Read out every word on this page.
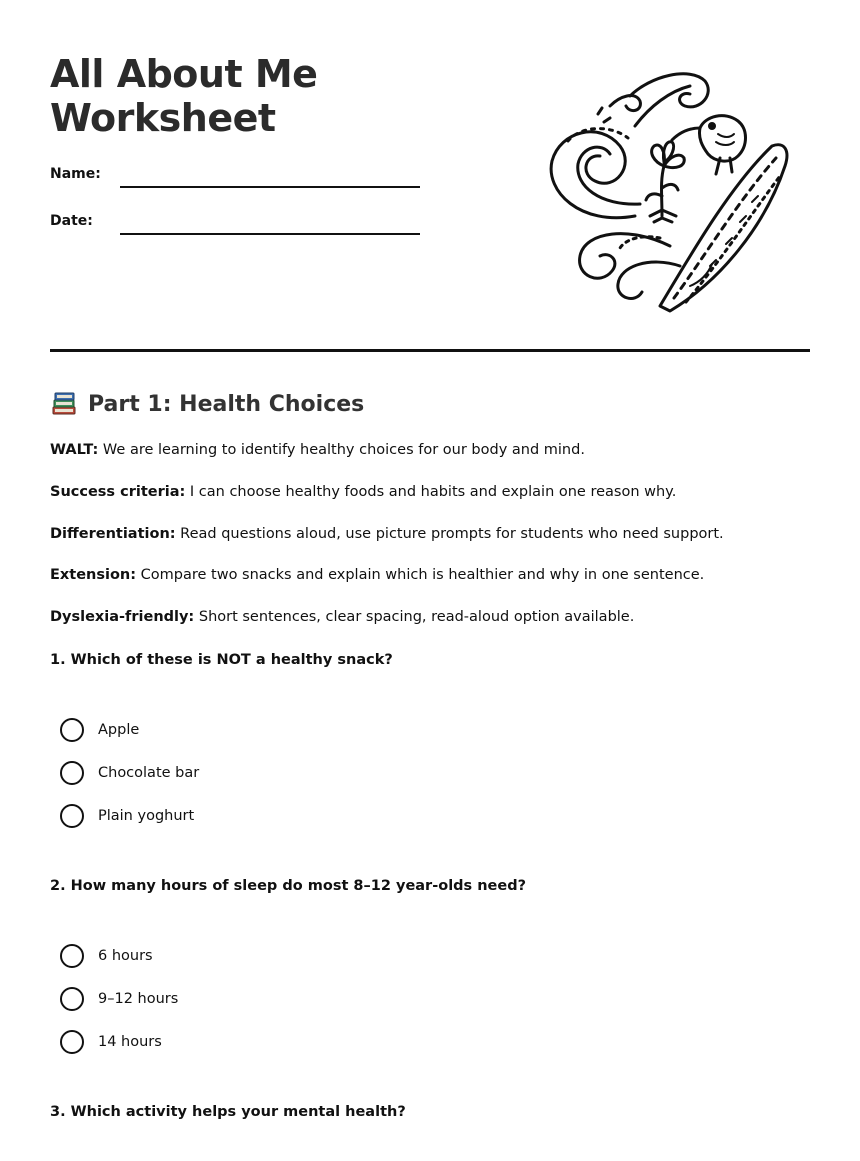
All About Me
Worksheet
Name:
Date:
Part 1: Health Choices
WALT: We are learning to identify healthy choices for our body and mind.
Success criteria: I can choose healthy foods and habits and explain one reason why.
Differentiation: Read questions aloud, use picture prompts for students who need support.
Extension: Compare two snacks and explain which is healthier and why in one sentence.
Dyslexia-friendly: Short sentences, clear spacing, read-aloud option available.
1. Which of these is NOT a healthy snack?
Apple
Chocolate bar
Plain yoghurt
2. How many hours of sleep do most 8–12 year-olds need?
6 hours
9–12 hours
14 hours
3. Which activity helps your mental health?
